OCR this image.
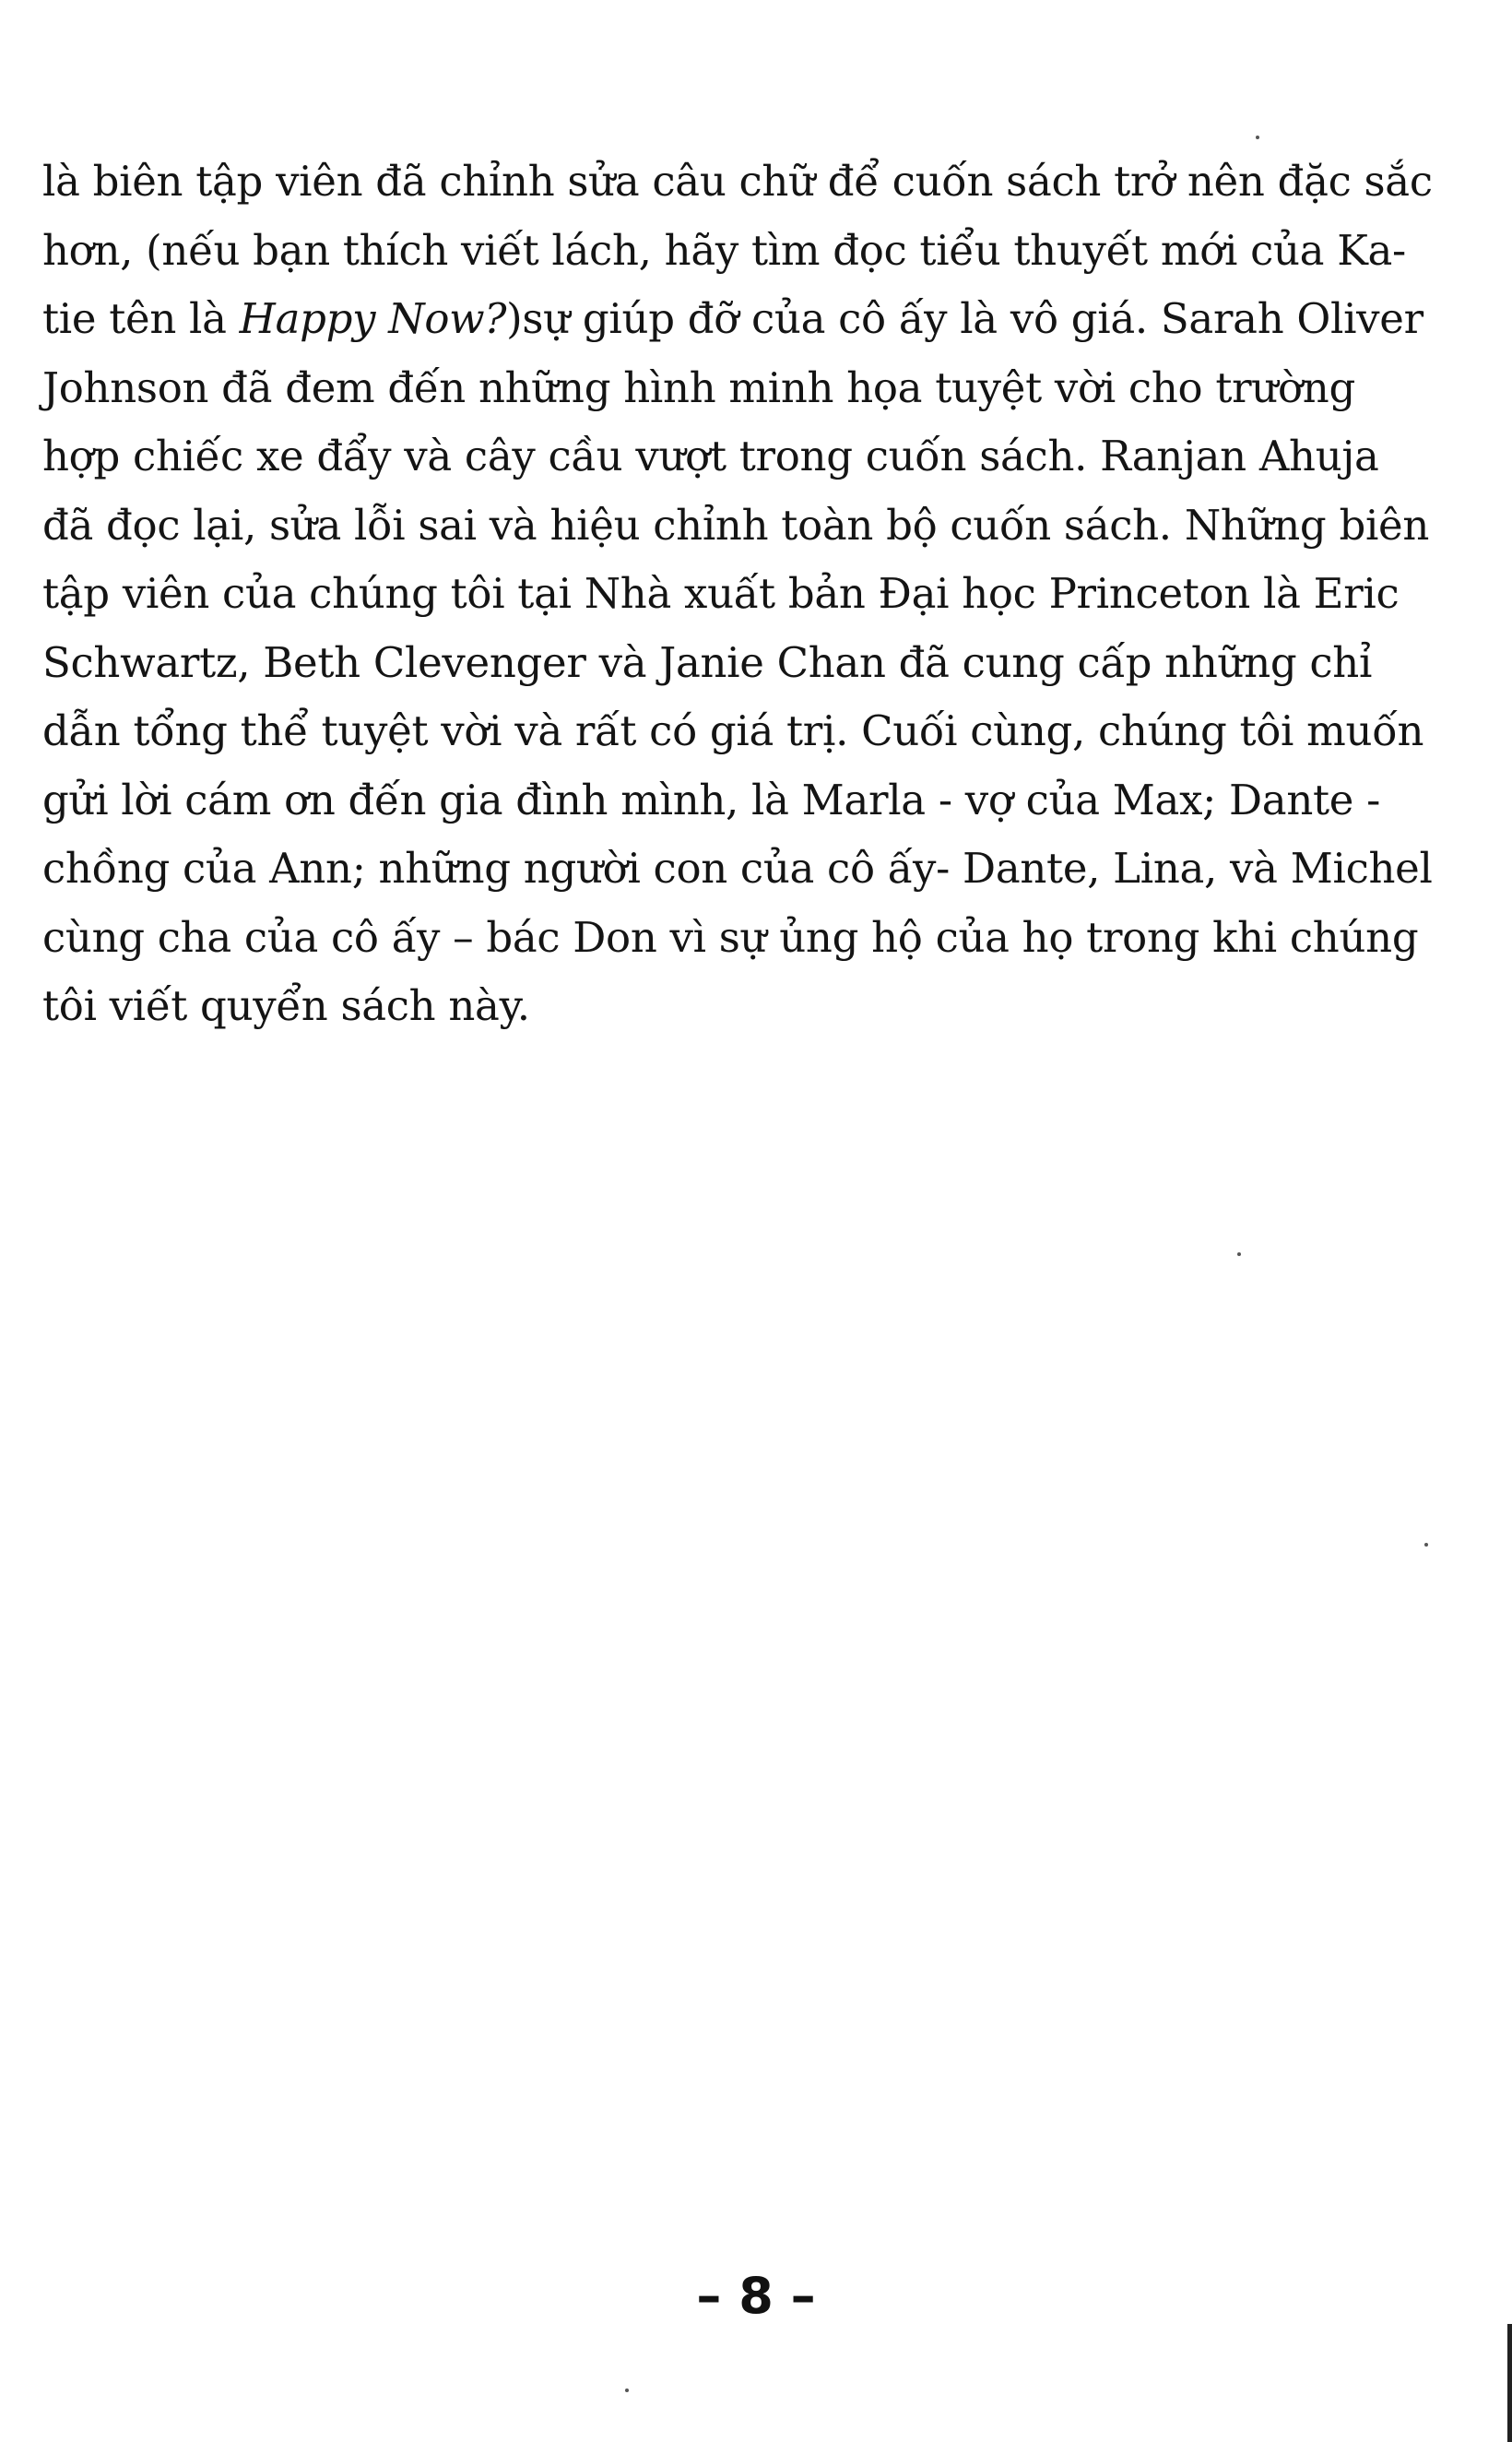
là biên tập viên đã chỉnh sửa câu chữ để cuốn sách trở nên đặc sắc
hơn, (nếu bạn thích viết lách, hãy tìm đọc tiểu thuyết mới của Ka-
tie tên là Happy Now?)sự giúp đỡ của cô ấy là vô giá. Sarah Oliver
Johnson đã đem đến những hình minh họa tuyệt vời cho trường
hợp chiếc xe đẩy và cây cầu vượt trong cuốn sách. Ranjan Ahuja
đã đọc lại, sửa lỗi sai và hiệu chỉnh toàn bộ cuốn sách. Những biên
tập viên của chúng tôi tại Nhà xuất bản Đại học Princeton là Eric
Schwartz, Beth Clevenger và Janie Chan đã cung cấp những chỉ
dẫn tổng thể tuyệt vời và rất có giá trị. Cuối cùng, chúng tôi muốn
gửi lời cám ơn đến gia đình mình, là Marla - vợ của Max; Dante -
chồng của Ann; những người con của cô ấy- Dante, Lina, và Michel
cùng cha của cô ấy – bác Don vì sự ủng hộ của họ trong khi chúng
tôi viết quyển sách này.
– 8 –
